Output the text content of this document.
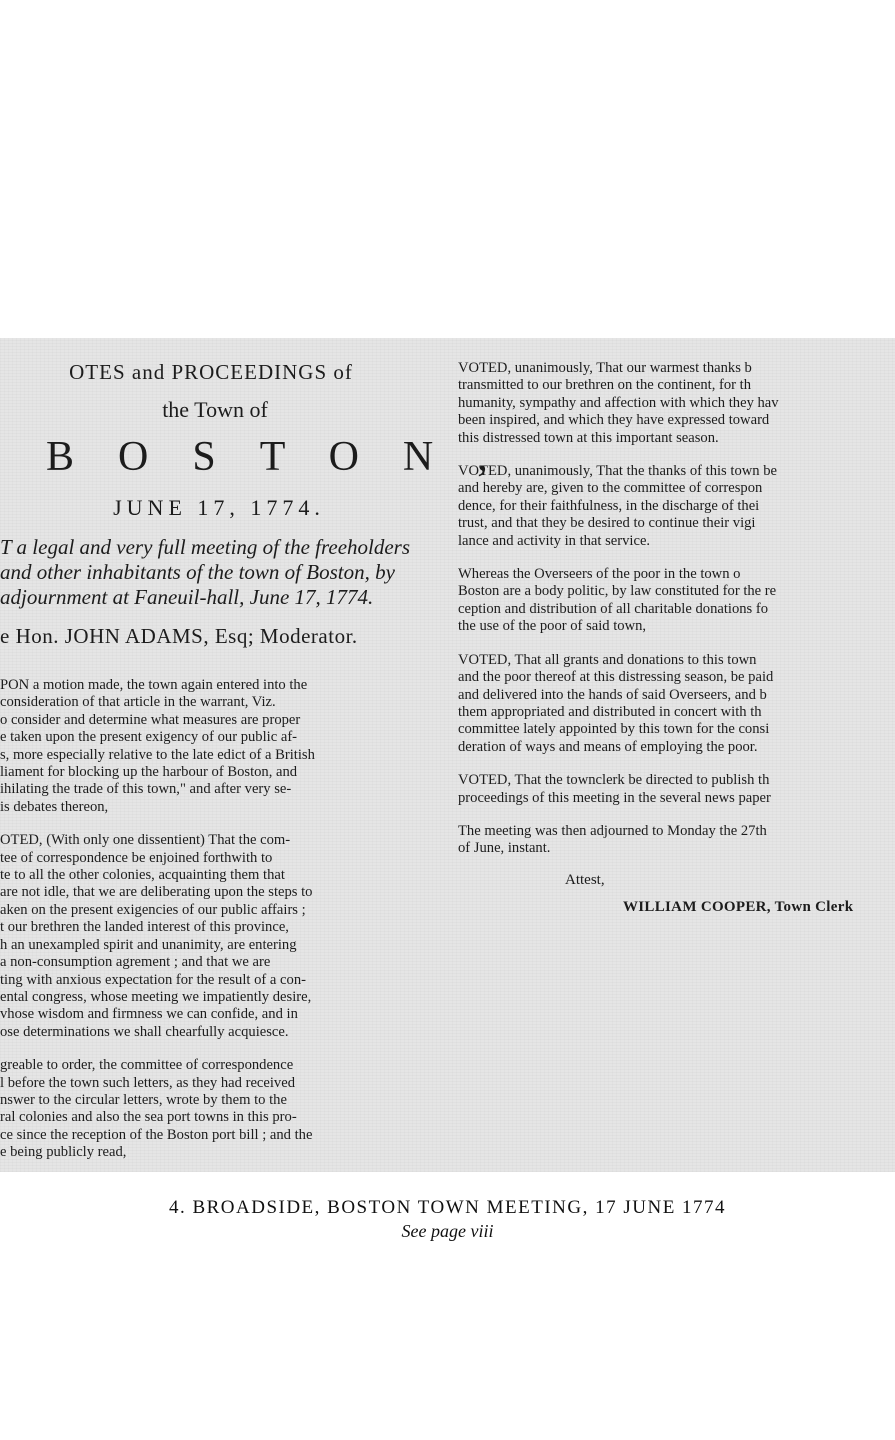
OTES and PROCEEDINGS of
the Town of
BOSTON,
JUNE 17, 1774.
T a legal and very full meeting of the freeholders
and other inhabitants of the town of Boston, by
adjournment at Faneuil-hall, June 17, 1774.
e Hon. JOHN ADAMS, Esq; Moderator.
PON a motion made, the town again entered into the
consideration of that article in the warrant, Viz.
o consider and determine what measures are proper
e taken upon the present exigency of our public af-
s, more especially relative to the late edict of a British
liament for blocking up the harbour of Boston, and
ihilating the trade of this town," and after very se-
is debates thereon,
OTED, (With only one dissentient) That the com-
tee of correspondence be enjoined forthwith to
te to all the other colonies, acquainting them that
are not idle, that we are deliberating upon the steps to
aken on the present exigencies of our public affairs ;
t our brethren the landed interest of this province,
h an unexampled spirit and unanimity, are entering
a non-consumption agrement ; and that we are
ting with anxious expectation for the result of a con-
ental congress, whose meeting we impatiently desire,
vhose wisdom and firmness we can confide, and in
ose determinations we shall chearfully acquiesce.
greable to order, the committee of correspondence
l before the town such letters, as they had received
nswer to the circular letters, wrote by them to the
ral colonies and also the sea port towns in this pro-
ce since the reception of the Boston port bill ; and the
e being publicly read,
VOTED, unanimously, That our warmest thanks b
transmitted to our brethren on the continent, for th
humanity, sympathy and affection with which they hav
been inspired, and which they have expressed toward
this distressed town at this important season.
VOTED, unanimously, That the thanks of this town be
and hereby are, given to the committee of correspon
dence, for their faithfulness, in the discharge of thei
trust, and that they be desired to continue their vigi
lance and activity in that service.
Whereas the Overseers of the poor in the town o
Boston are a body politic, by law constituted for the re
ception and distribution of all charitable donations fo
the use of the poor of said town,
VOTED, That all grants and donations to this town
and the poor thereof at this distressing season, be paid
and delivered into the hands of said Overseers, and b
them appropriated and distributed in concert with th
committee lately appointed by this town for the consi
deration of ways and means of employing the poor.
VOTED, That the townclerk be directed to publish th
proceedings of this meeting in the several news paper
The meeting was then adjourned to Monday the 27th
of June, instant.
Attest,
WILLIAM COOPER, Town Clerk
4. BROADSIDE, BOSTON TOWN MEETING, 17 JUNE 1774
See page viii
